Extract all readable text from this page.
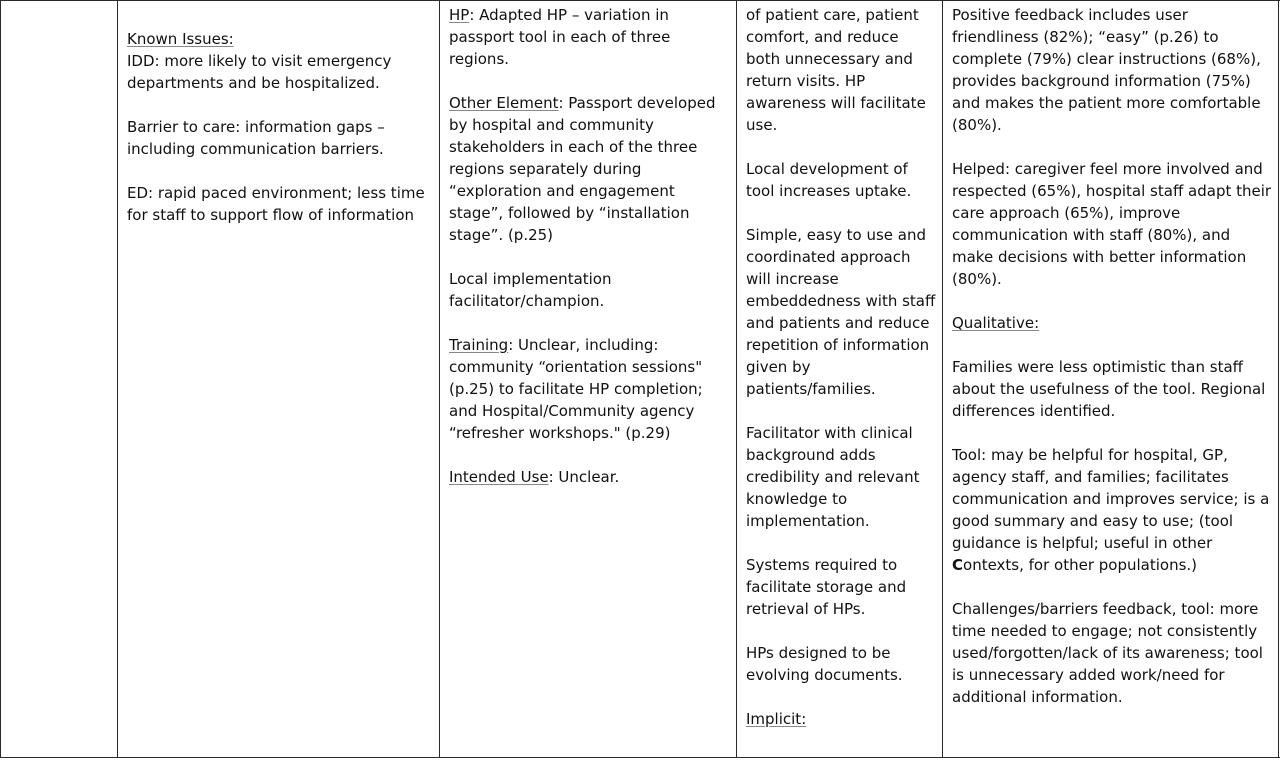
Known Issues:

IDD: more likely to visit emergency departments and be hospitalized.

Barrier to care: information gaps – including communication barriers.

ED: rapid paced environment; less time for staff to support flow of information

HP: Adapted HP – variation in passport tool in each of three regions.

Other Element: Passport developed by hospital and community stakeholders in each of the three regions separately during “exploration and engagement stage”, followed by “installation stage”. (p.25)

Local implementation facilitator/champion.

Training: Unclear, including: community “orientation sessions" (p.25) to facilitate HP completion; and Hospital/Community agency “refresher workshops." (p.29)

Intended Use: Unclear.

of patient care, patient comfort, and reduce both unnecessary and return visits. HP awareness will facilitate use.

Local development of tool increases uptake.

Simple, easy to use and coordinated approach will increase embeddedness with staff and patients and reduce repetition of information given by patients/families.

Facilitator with clinical background adds credibility and relevant knowledge to implementation.

Systems required to facilitate storage and retrieval of HPs.

HPs designed to be evolving documents.

Implicit:

Positive feedback includes user friendliness (82%); “easy” (p.26) to complete (79%) clear instructions (68%), provides background information (75%) and makes the patient more comfortable (80%).

Helped: caregiver feel more involved and respected (65%), hospital staff adapt their care approach (65%), improve communication with staff (80%), and make decisions with better information (80%).

Qualitative:

Families were less optimistic than staff about the usefulness of the tool. Regional differences identified.

Tool: may be helpful for hospital, GP, agency staff, and families; facilitates communication and improves service; is a good summary and easy to use; (tool guidance is helpful; useful in other Contexts, for other populations.)

Challenges/barriers feedback, tool: more time needed to engage; not consistently used/forgotten/lack of its awareness; tool is unnecessary added work/need for additional information.
